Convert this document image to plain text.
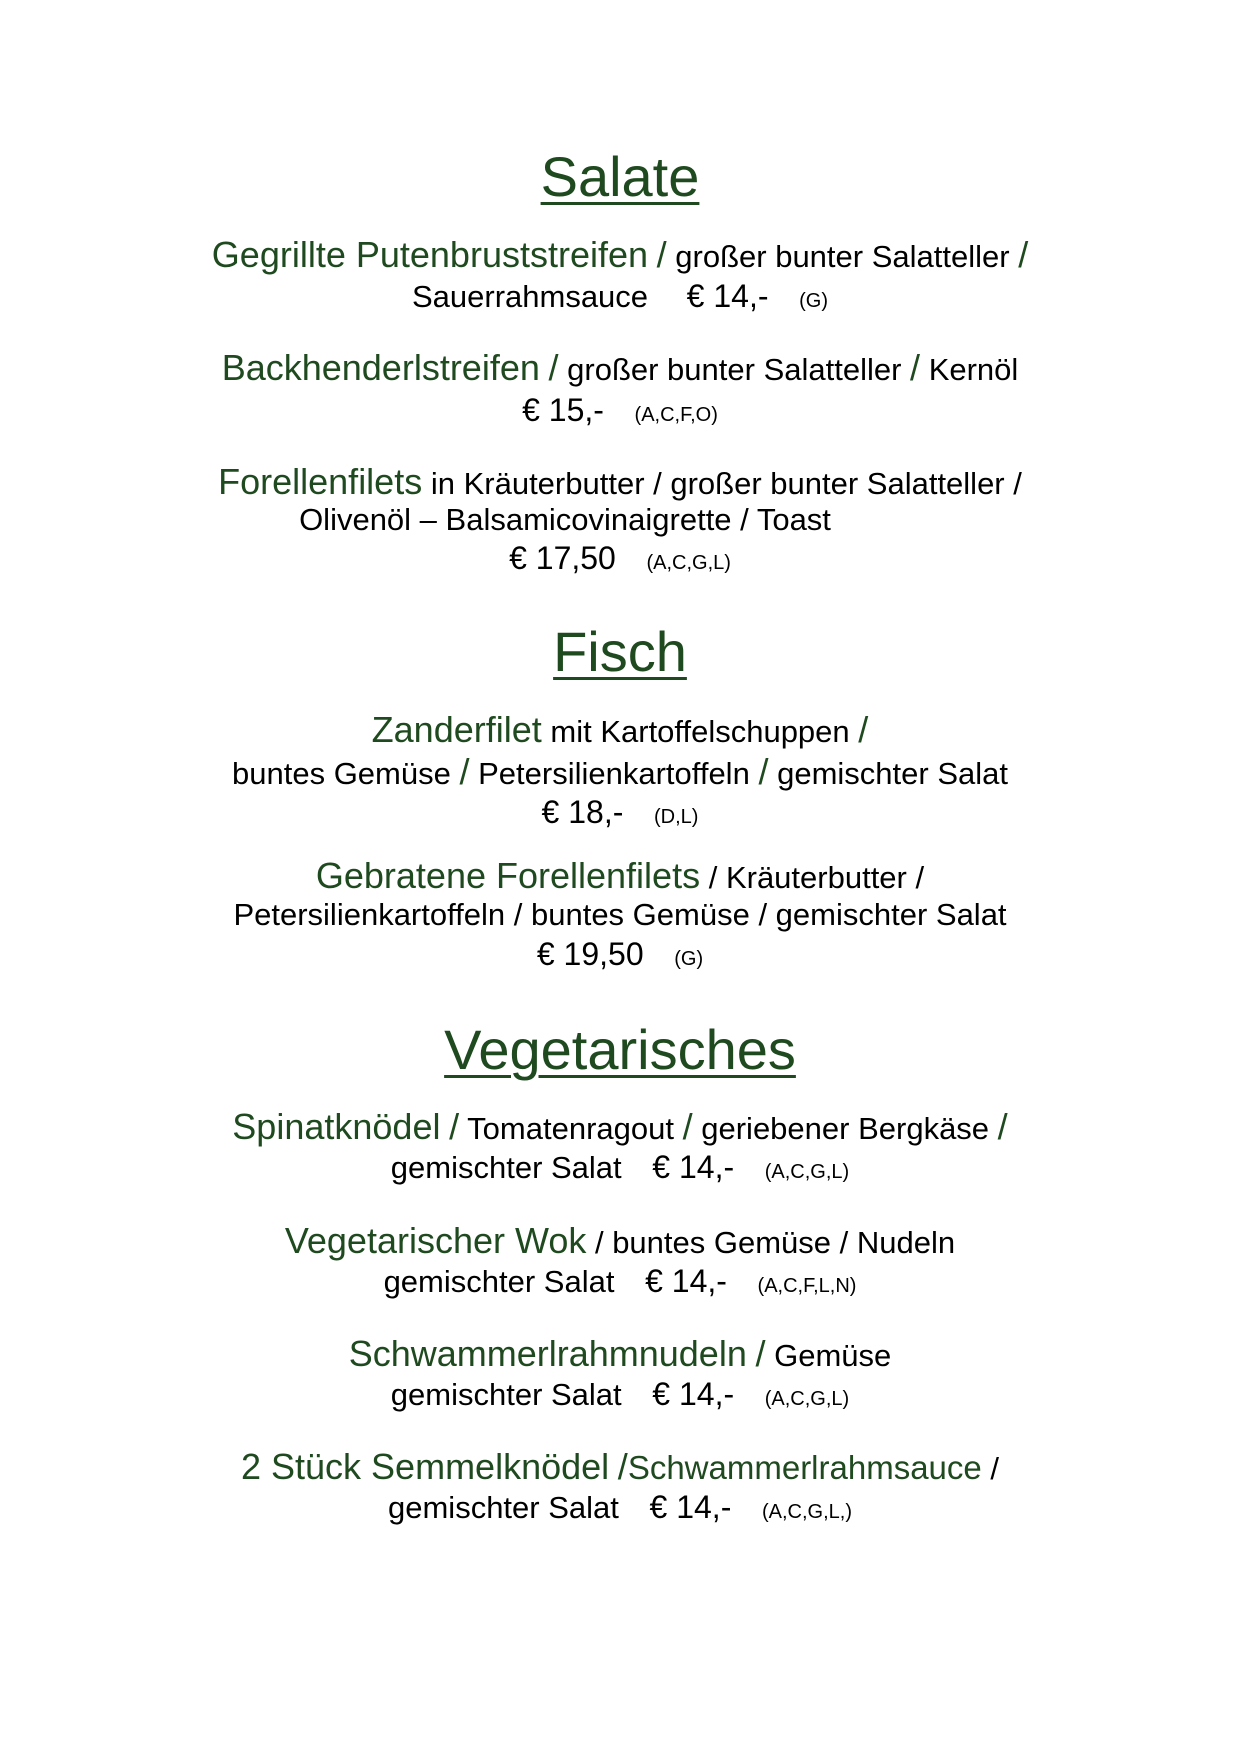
Salate
Gegrillte Putenbruststreifen / großer bunter Salatteller /
Sauerrahmsauce € 14,- (G)
Backhenderlstreifen / großer bunter Salatteller / Kernöl
€ 15,- (A,C,F,O)
Forellenfilets in Kräuterbutter / großer bunter Salatteller /
Olivenöl – Balsamicovinaigrette / Toast
€ 17,50 (A,C,G,L)
Fisch
Zanderfilet mit Kartoffelschuppen /
buntes Gemüse / Petersilienkartoffeln / gemischter Salat
€ 18,- (D,L)
Gebratene Forellenfilets / Kräuterbutter /
Petersilienkartoffeln / buntes Gemüse / gemischter Salat
€ 19,50 (G)
Vegetarisches
Spinatknödel / Tomatenragout / geriebener Bergkäse /
gemischter Salat € 14,- (A,C,G,L)
Vegetarischer Wok / buntes Gemüse / Nudeln
gemischter Salat € 14,- (A,C,F,L,N)
Schwammerlrahmnudeln / Gemüse
gemischter Salat € 14,- (A,C,G,L)
2 Stück Semmelknödel /Schwammerlrahmsauce /
gemischter Salat € 14,- (A,C,G,L,)
